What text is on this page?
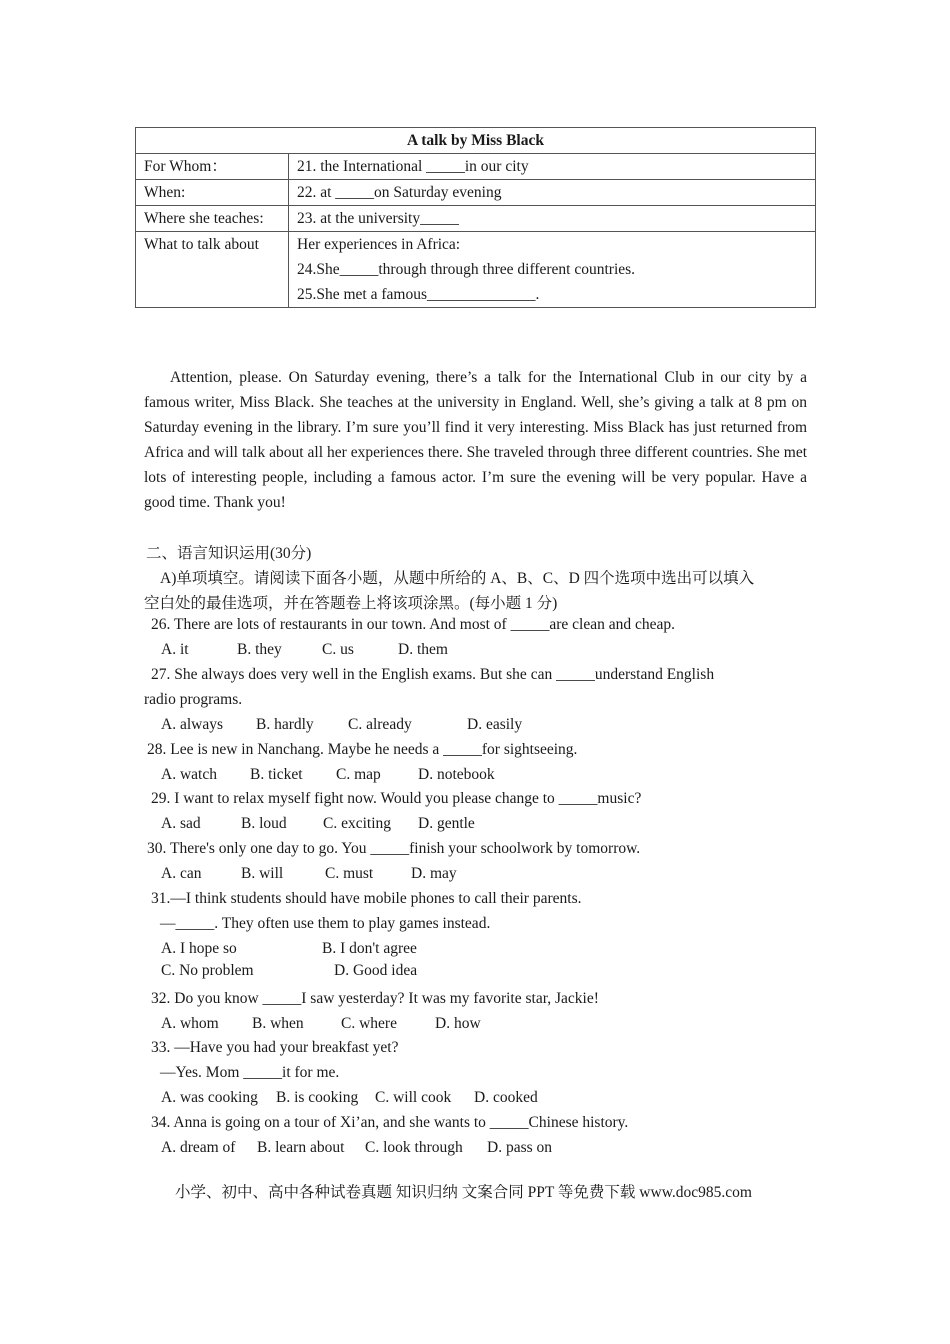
A talk by Miss Black	
For Whom：	21. the International _____in our city
When:	22. at _____on Saturday evening
Where she teaches:	23. at the university_____
What to talk about	Her experiences in Africa:
24.She_____through through three different countries.
25.She met a famous______________.
Attention, please. On Saturday evening, there’s a talk for the International Club in our city by a famous writer, Miss Black. She teaches at the university in England. Well, she’s giving a talk at 8 pm on Saturday evening in the library. I’m sure you’ll find it very interesting. Miss Black has just returned from Africa and will talk about all her experiences there. She traveled through three different countries. She met lots of interesting people, including a famous actor. I’m sure the evening will be very popular. Have a good time. Thank you!
二、语言知识运用(30分)
A)单项填空。请阅读下面各小题，从题中所给的 A、B、C、D 四个选项中选出可以填入
空白处的最佳选项，并在答题卷上将该项涂黑。(每小题 1 分)
26. There are lots of restaurants in our town. And most of _____are clean and cheap.
A. it	B. they	C. us	D. them
27. She always does very well in the English exams. But she can _____understand English
radio programs.
A. always B. hardly C. already	D. easily
28. Lee is new in Nanchang. Maybe he needs a _____for sightseeing.
A. watch B. ticket C. map D. notebook
29. I want to relax myself fight now. Would you please change to _____music?
A. sad	B. loud C. exciting D. gentle
30. There's only one day to go. You _____finish your schoolwork by tomorrow.
A. can	B. will	C. must D. may
31.—I think students should have mobile phones to call their parents.
—_____. They often use them to play games instead.
A. I hope so	B. I don't agree
C. No problem	D. Good idea
32. Do you know _____I saw yesterday? It was my favorite star, Jackie!
A. whom B. when C. where D. how
33. —Have you had your breakfast yet?
—Yes. Mom _____it for me.
A. was cooking B. is cooking C. will cook D. cooked
34. Anna is going on a tour of Xi’an, and she wants to _____Chinese history.
A. dream of B. learn about C. look through D. pass on
小学、初中、高中各种试卷真题 知识归纳 文案合同 PPT 等免费下载 www.doc985.com
